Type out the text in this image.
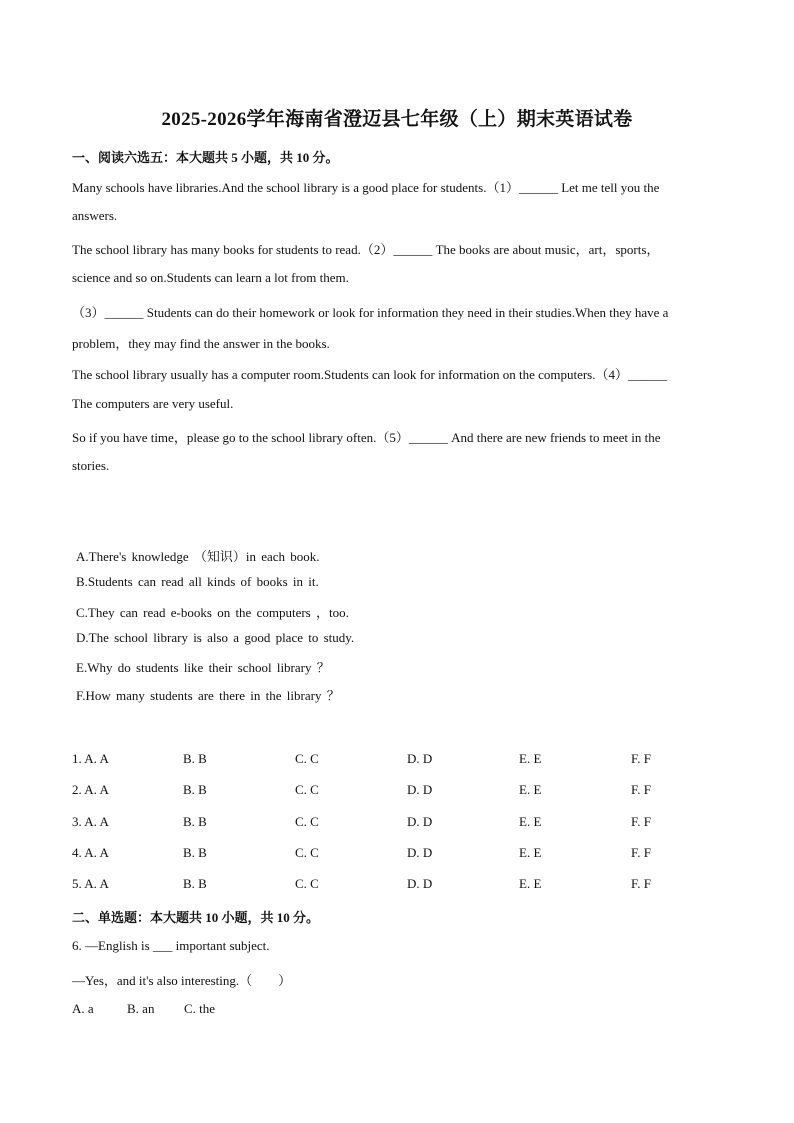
2025-2026学年海南省澄迈县七年级（上）期末英语试卷
一、阅读六选五：本大题共 5 小题，共 10 分。
Many schools have libraries.And the school library is a good place for students.（1）______ Let me tell you the
answers.
The school library has many books for students to read.（2）______ The books are about music，art，sports，
science and so on.Students can learn a lot from them.
（3）______ Students can do their homework or look for information they need in their studies.When they have a
problem，they may find the answer in the books.
The school library usually has a computer room.Students can look for information on the computers.（4）______
The computers are very useful.
So if you have time，please go to the school library often.（5）______ And there are new friends to meet in the
stories.
A.There's knowledge （知识）in each book.
B.Students can read all kinds of books in it.
C.They can read e-books on the computers ，too.
D.The school library is also a good place to study.
E.Why do students like their school library ？
F.How many students are there in the library ？
1. A. A	B. B	C. C	D. D	E. E	F. F
2. A. A	B. B	C. C	D. D	E. E	F. F
3. A. A	B. B	C. C	D. D	E. E	F. F
4. A. A	B. B	C. C	D. D	E. E	F. F
5. A. A	B. B	C. C	D. D	E. E	F. F
二、单选题：本大题共 10 小题，共 10 分。
6. —English is ___ important subject.
—Yes，and it's also interesting.（　　）
A. a	B. an C. the
